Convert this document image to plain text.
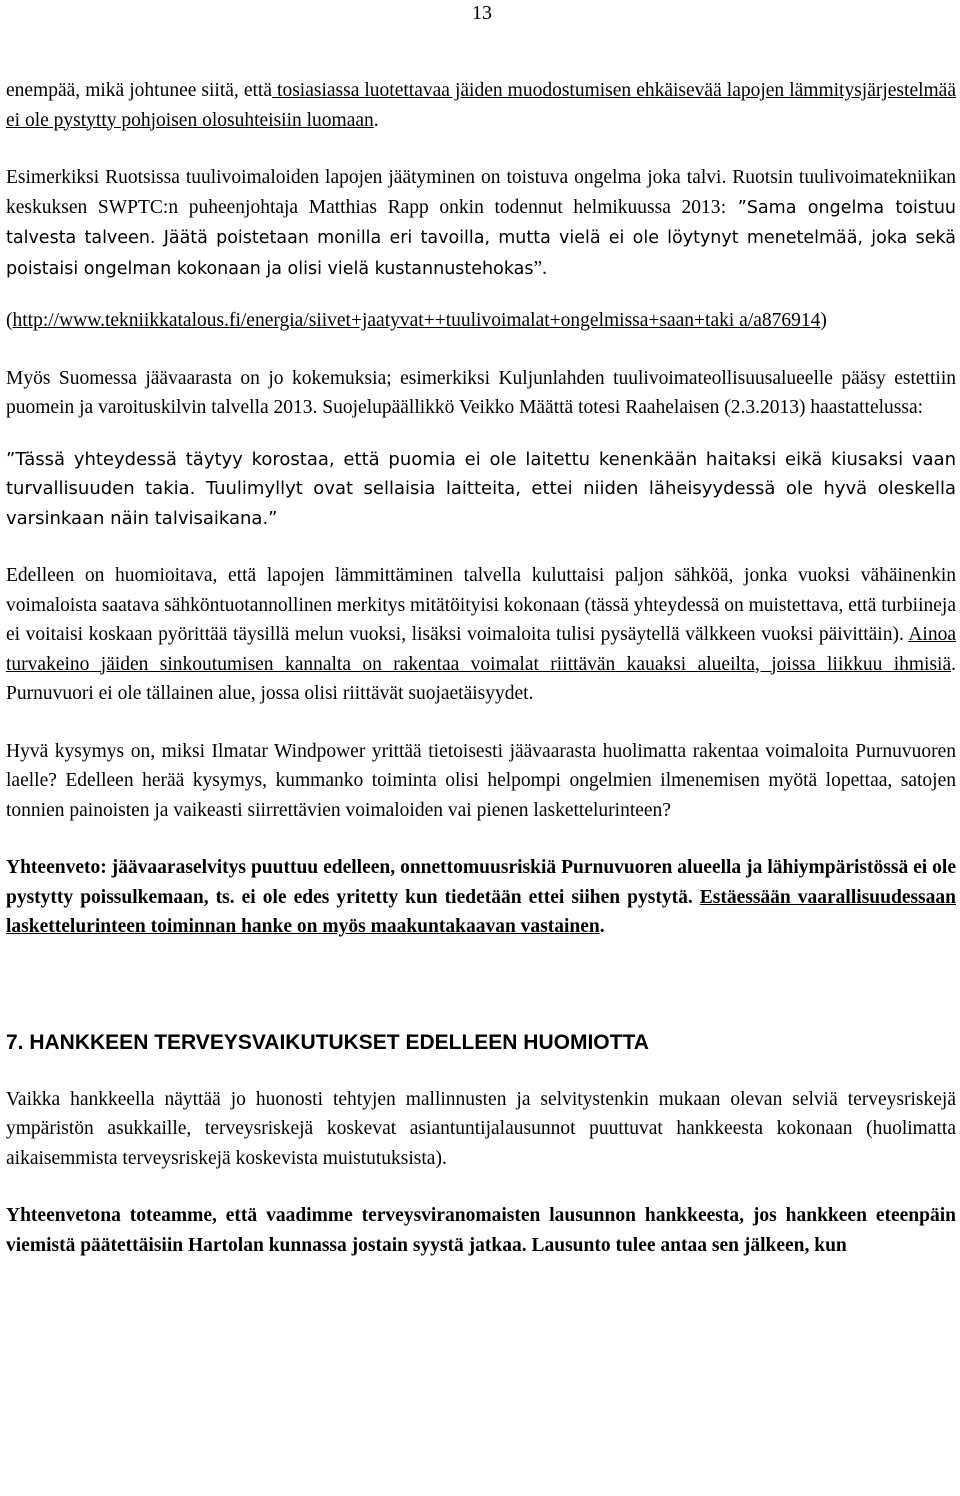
13

enempää, mikä johtunee siitä, että tosiasiassa luotettavaa jäiden muodostumisen ehkäisevää lapojen lämmitysjärjestelmää ei ole pystytty pohjoisen olosuhteisiin luomaan.

Esimerkiksi Ruotsissa tuulivoimaloiden lapojen jäätyminen on toistuva ongelma joka talvi. Ruotsin tuulivoimatekniikan keskuksen SWPTC:n puheenjohtaja Matthias Rapp onkin todennut helmikuussa 2013: ”Sama ongelma toistuu talvesta talveen. Jäätä poistetaan monilla eri tavoilla, mutta vielä ei ole löytynyt menetelmää, joka sekä poistaisi ongelman kokonaan ja olisi vielä kustannustehokas”.

(http://www.tekniikkatalous.fi/energia/siivet+jaatyvat++tuulivoimalat+ongelmissa+saan+taki a/a876914)

Myös Suomessa jäävaarasta on jo kokemuksia; esimerkiksi Kuljunlahden tuulivoimateollisuusalueelle pääsy estettiin puomein ja varoituskilvin talvella 2013. Suojelupäällikkö Veikko Määttä totesi Raahelaisen (2.3.2013) haastattelussa:

”Tässä yhteydessä täytyy korostaa, että puomia ei ole laitettu kenenkään haitaksi eikä kiusaksi vaan turvallisuuden takia. Tuulimyllyt ovat sellaisia laitteita, ettei niiden läheisyydessä ole hyvä oleskella varsinkaan näin talvisaikana.”

Edelleen on huomioitava, että lapojen lämmittäminen talvella kuluttaisi paljon sähköä, jonka vuoksi vähäinenkin voimaloista saatava sähköntuotannollinen merkitys mitätöityisi kokonaan (tässä yhteydessä on muistettava, että turbiineja ei voitaisi koskaan pyörittää täysillä melun vuoksi, lisäksi voimaloita tulisi pysäytellä välkkeen vuoksi päivittäin). Ainoa turvakeino jäiden sinkoutumisen kannalta on rakentaa voimalat riittävän kauaksi alueilta, joissa liikkuu ihmisiä. Purnuvuori ei ole tällainen alue, jossa olisi riittävät suojaetäisyydet.

Hyvä kysymys on, miksi Ilmatar Windpower yrittää tietoisesti jäävaarasta huolimatta rakentaa voimaloita Purnuvuoren laelle? Edelleen herää kysymys, kummanko toiminta olisi helpompi ongelmien ilmenemisen myötä lopettaa, satojen tonnien painoisten ja vaikeasti siirrettävien voimaloiden vai pienen laskettelurinteen?

Yhteenveto: jäävaaraselvitys puuttuu edelleen, onnettomuusriskiä Purnuvuoren alueella ja lähiympäristössä ei ole pystytty poissulkemaan, ts. ei ole edes yritetty kun tiedetään ettei siihen pystytä. Estäessään vaarallisuudessaan laskettelurinteen toiminnan hanke on myös maakuntakaavan vastainen.

7. HANKKEEN TERVEYSVAIKUTUKSET EDELLEEN HUOMIOTTA

Vaikka hankkeella näyttää jo huonosti tehtyjen mallinnusten ja selvitystenkin mukaan olevan selviä terveysriskejä ympäristön asukkaille, terveysriskejä koskevat asiantuntijalausunnot puuttuvat hankkeesta kokonaan (huolimatta aikaisemmista terveysriskejä koskevista muistutuksista).

Yhteenvetona toteamme, että vaadimme terveysviranomaisten lausunnon hankkeesta, jos hankkeen eteenpäin viemistä päätettäisiin Hartolan kunnassa jostain syystä jatkaa. Lausunto tulee antaa sen jälkeen, kun
